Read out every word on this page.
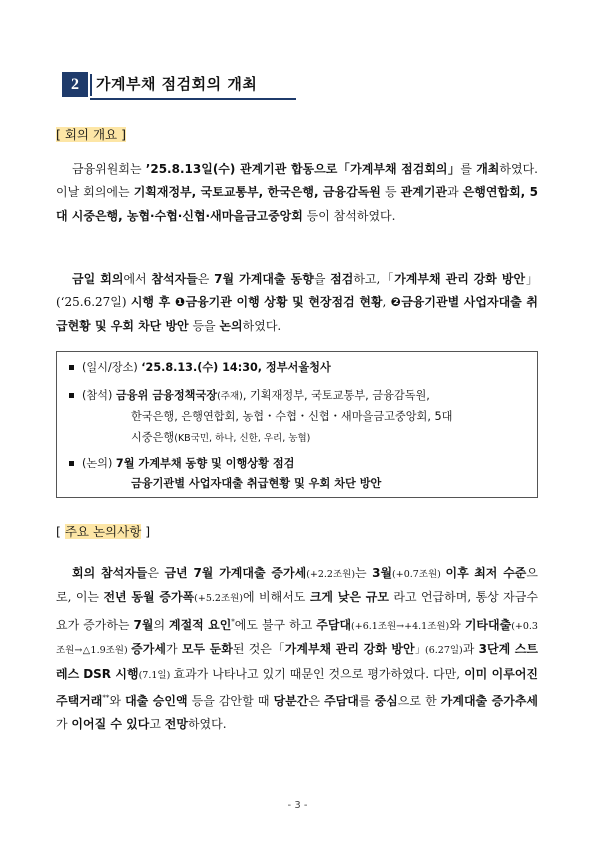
2	가계부채 점검회의 개최
[ 회의 개요 ]
금융위원회는 ’25.8.13일(수) 관계기관 합동으로「가계부채 점검회의」를 개최하였다. 이날 회의에는 기획재정부, 국토교통부, 한국은행, 금융감독원 등 관계기관과 은행연합회, 5대 시중은행, 농협·수협·신협·새마을금고중앙회 등이 참석하였다.
금일 회의에서 참석자들은 7월 가계대출 동향을 점검하고,「가계부채 관리 강화 방안」(‘25.6.27일) 시행 후 ❶금융기관 이행 상황 및 현장점검 현황, ❷금융기관별 사업자대출 취급현황 및 우회 차단 방안 등을 논의하였다.
(일시/장소) ‘25.8.13.(수) 14:30, 정부서울청사
(참석) 금융위 금융정책국장(주재), 기획재정부, 국토교통부, 금융감독원,
한국은행, 은행연합회, 농협・수협・신협・새마을금고중앙회, 5대
시중은행(KB국민, 하나, 신한, 우리, 농협)
(논의) 7월 가계부채 동향 및 이행상황 점검
금융기관별 사업자대출 취급현황 및 우회 차단 방안
[ 주요 논의사항 ]
회의 참석자들은 금년 7월 가계대출 증가세(+2.2조원)는 3월(+0.7조원) 이후 최저 수준으로, 이는 전년 동월 증가폭(+5.2조원)에 비해서도 크게 낮은 규모 라고 언급하며, 통상 자금수요가 증가하는 7월의 계절적 요인*에도 불구 하고 주담대(+6.1조원→+4.1조원)와 기타대출(+0.3조원→△1.9조원) 증가세가 모두 둔화된 것은「가계부채 관리 강화 방안」(6.27일)과 3단계 스트레스 DSR 시행(7.1일) 효과가 나타나고 있기 때문인 것으로 평가하였다. 다만, 이미 이루어진 주택거래**와 대출 승인액 등을 감안할 때 당분간은 주담대를 중심으로 한 가계대출 증가추세가 이어질 수 있다고 전망하였다.
- 3 -
